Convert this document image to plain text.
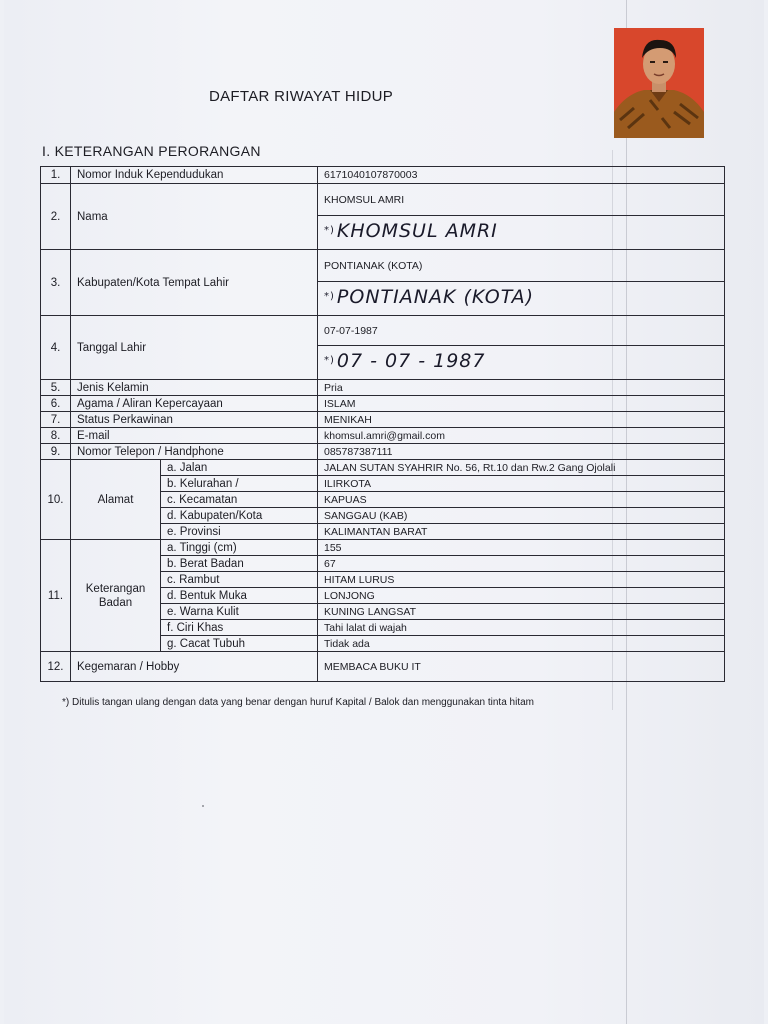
DAFTAR RIWAYAT HIDUP
I. KETERANGAN PERORANGAN
1.	Nomor Induk Kependudukan		6171040107870003
2.	Nama		KHOMSUL AMRI
			*) KHOMSUL AMRI
3.	Kabupaten/Kota Tempat Lahir		PONTIANAK (KOTA)
			*) PONTIANAK (KOTA)
4.	Tanggal Lahir		07-07-1987
			*) 07 - 07 - 1987
5.	Jenis Kelamin		Pria
6.	Agama / Aliran Kepercayaan		ISLAM
7.	Status Perkawinan		MENIKAH
8.	E-mail		khomsul.amri@gmail.com
9.	Nomor Telepon / Handphone		085787387111
10.	Alamat	a. Jalan	JALAN SUTAN SYAHRIR No. 56, Rt.10 dan Rw.2 Gang Ojolali
		b. Kelurahan /	ILIRKOTA
		c. Kecamatan	KAPUAS
		d. Kabupaten/Kota	SANGGAU (KAB)
		e. Provinsi	KALIMANTAN BARAT
11.	Keterangan
Badan	a. Tinggi (cm)	155
		b. Berat Badan	67
		c. Rambut	HITAM LURUS
		d. Bentuk Muka	LONJONG
		e. Warna Kulit	KUNING LANGSAT
		f. Ciri Khas	Tahi lalat di wajah
		g. Cacat Tubuh	Tidak ada
12.	Kegemaran / Hobby		MEMBACA BUKU IT
*) Ditulis tangan ulang dengan data yang benar dengan huruf Kapital / Balok dan menggunakan tinta hitam
